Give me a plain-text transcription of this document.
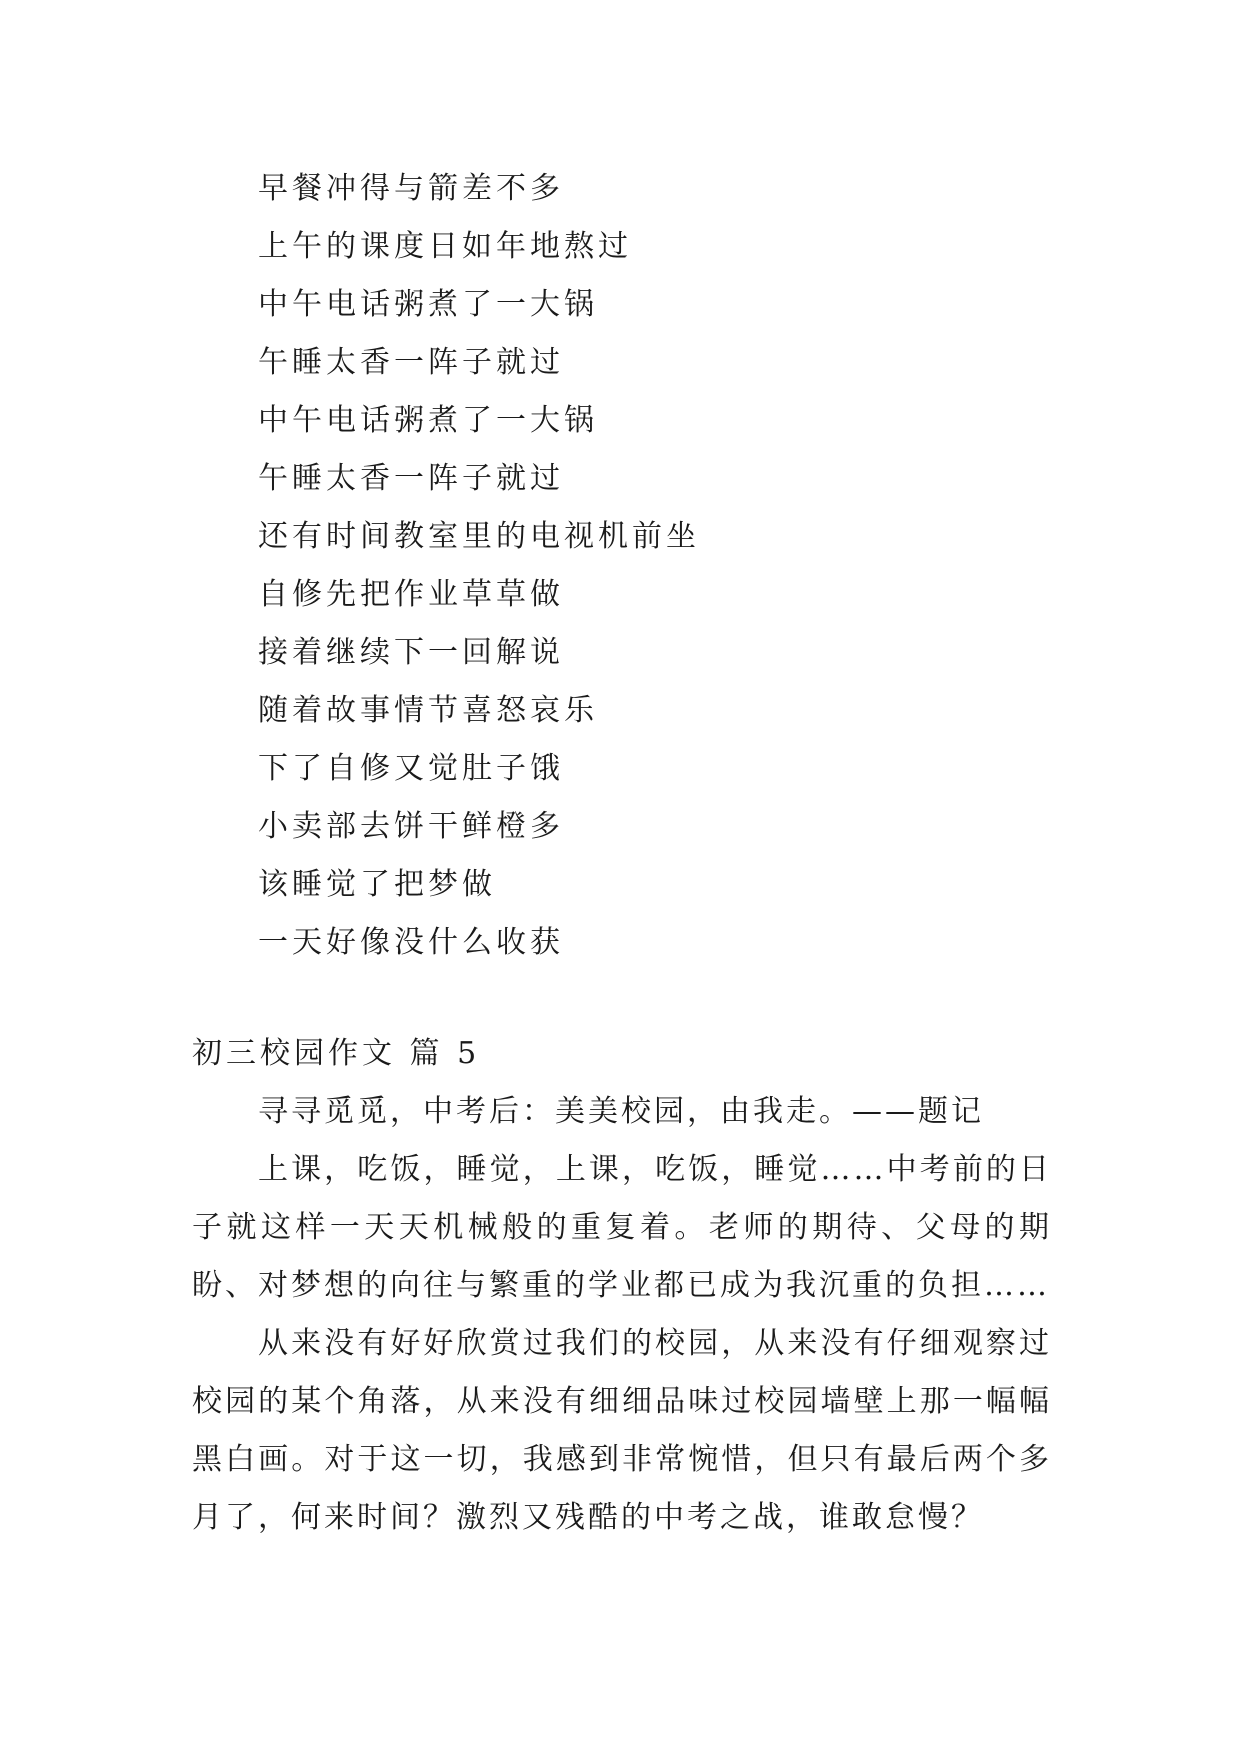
早餐冲得与箭差不多
上午的课度日如年地熬过
中午电话粥煮了一大锅
午睡太香一阵子就过
中午电话粥煮了一大锅
午睡太香一阵子就过
还有时间教室里的电视机前坐
自修先把作业草草做
接着继续下一回解说
随着故事情节喜怒哀乐
下了自修又觉肚子饿
小卖部去饼干鲜橙多
该睡觉了把梦做
一天好像没什么收获
初三校园作文 篇 5

寻寻觅觅，中考后：美美校园，由我走。——题记

上课，吃饭，睡觉，上课，吃饭，睡觉……中考前的日子就这样一天天机械般的重复着。老师的期待、父母的期盼、对梦想的向往与繁重的学业都已成为我沉重的负担……

从来没有好好欣赏过我们的校园，从来没有仔细观察过校园的某个角落，从来没有细细品味过校园墙壁上那一幅幅黑白画。对于这一切，我感到非常惋惜，但只有最后两个多月了，何来时间？激烈又残酷的中考之战，谁敢怠慢？
